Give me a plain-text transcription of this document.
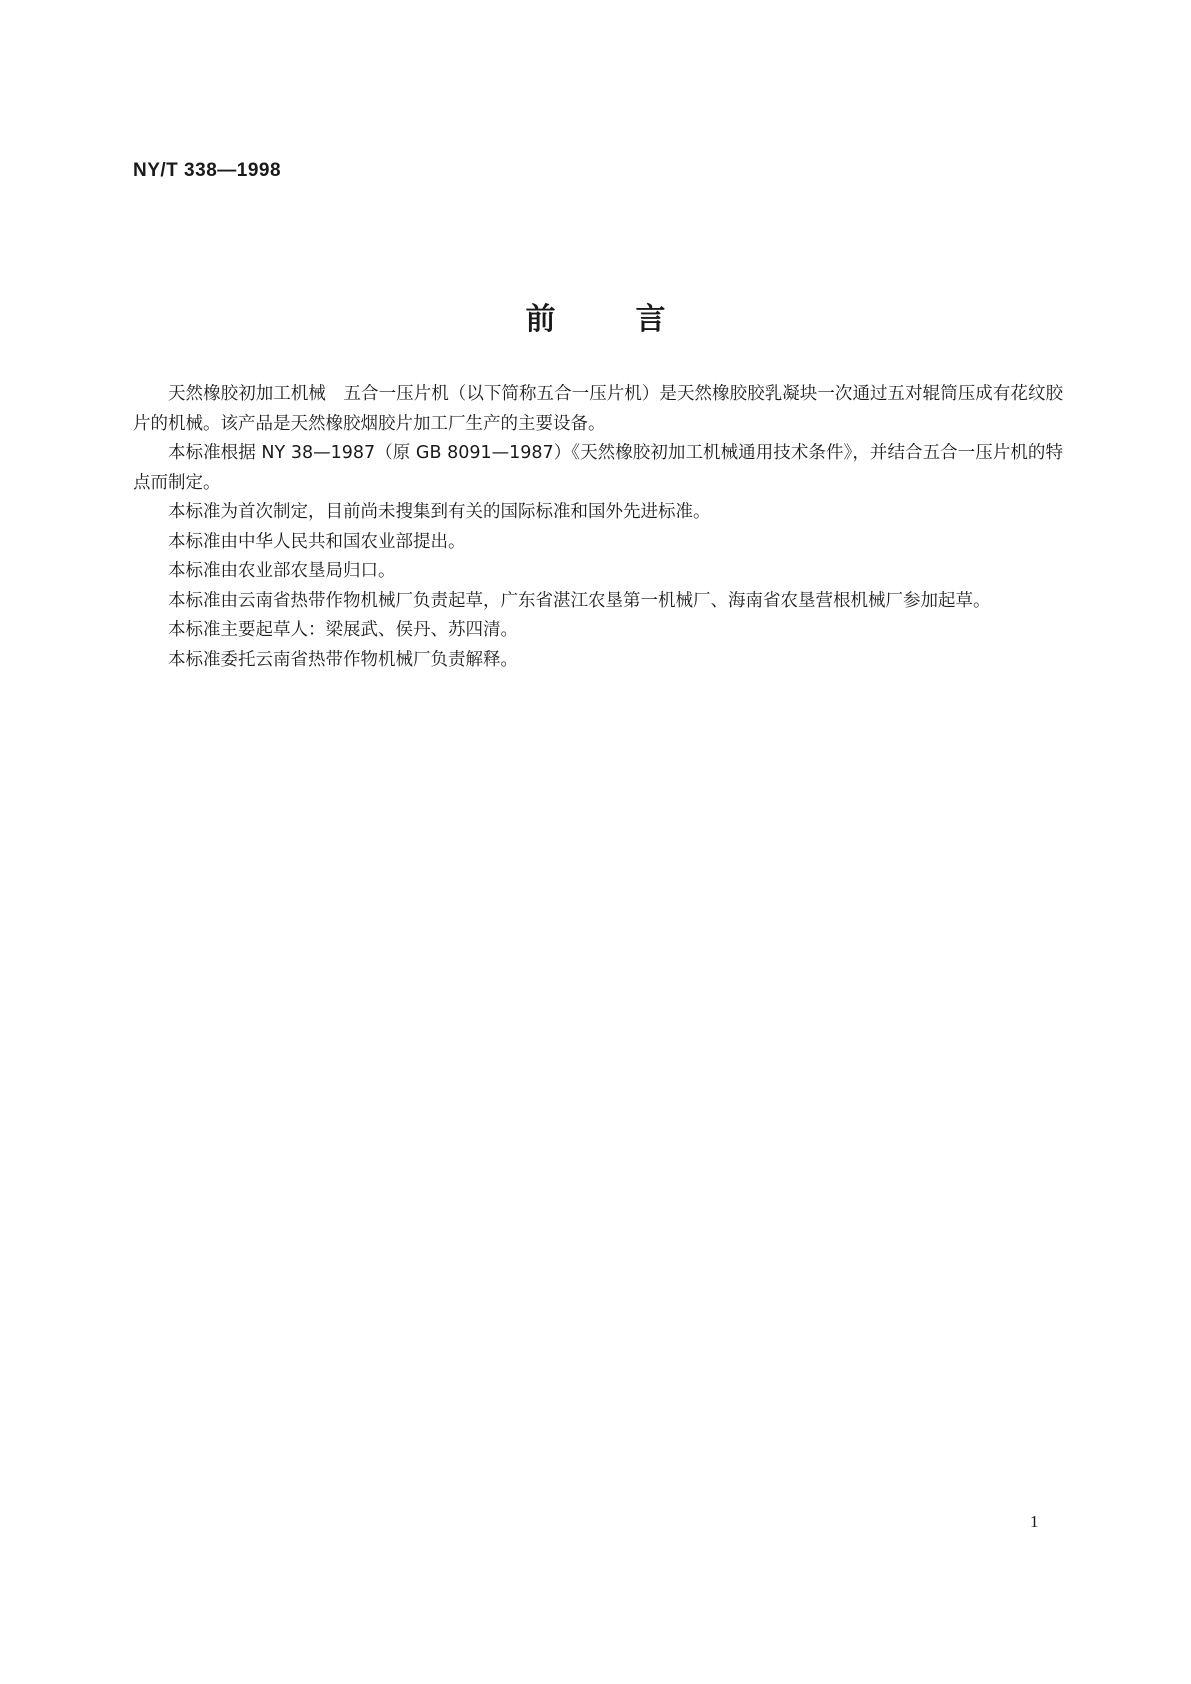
NY/T 338—1998

前言

天然橡胶初加工机械　五合一压片机（以下简称五合一压片机）是天然橡胶胶乳凝块一次通过五对辊筒压成有花纹胶片的机械。该产品是天然橡胶烟胶片加工厂生产的主要设备。

本标准根据 NY 38—1987（原 GB 8091—1987）《天然橡胶初加工机械通用技术条件》，并结合五合一压片机的特点而制定。

本标准为首次制定，目前尚未搜集到有关的国际标准和国外先进标准。

本标准由中华人民共和国农业部提出。

本标准由农业部农垦局归口。

本标准由云南省热带作物机械厂负责起草，广东省湛江农垦第一机械厂、海南省农垦营根机械厂参加起草。

本标准主要起草人：梁展武、侯丹、苏四清。

本标准委托云南省热带作物机械厂负责解释。

1
